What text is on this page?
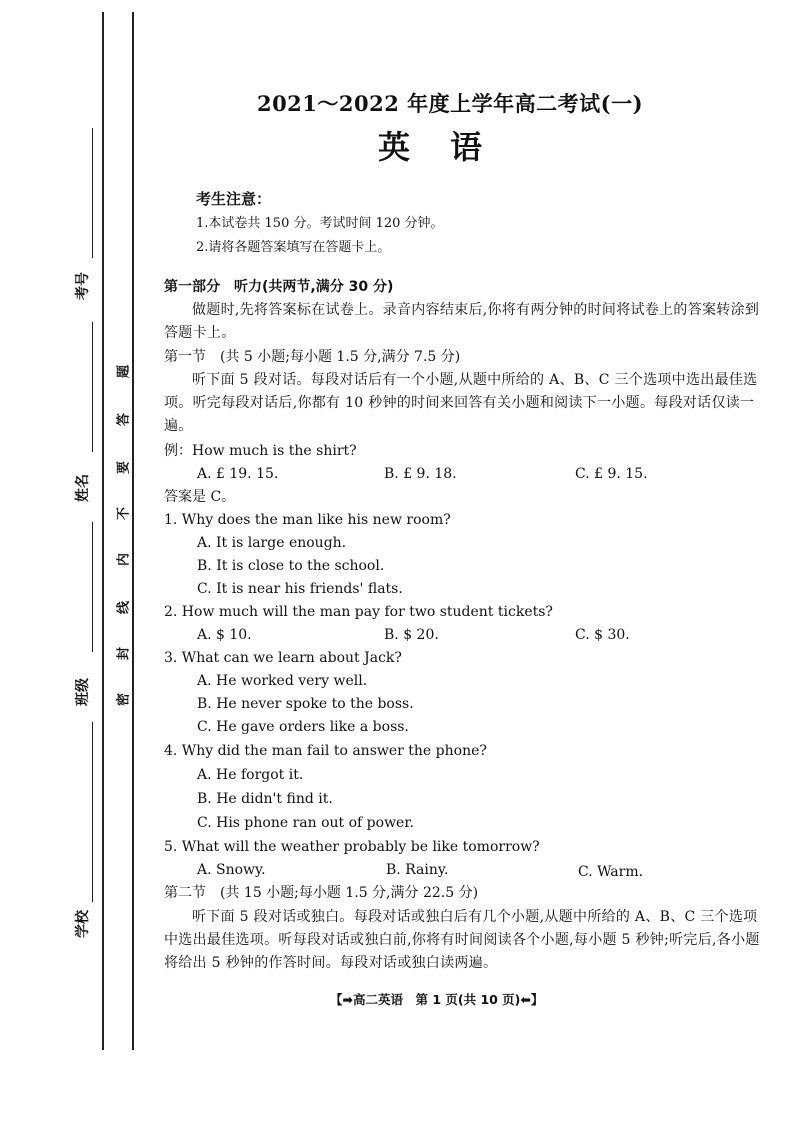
考号
姓名
班级
学校
题
答
要
不
内
线
封
密
2021～2022 年度上学年高二考试(一)
英语
考生注意：
1.本试卷共 150 分。考试时间 120 分钟。
2.请将各题答案填写在答题卡上。
第一部分　听力(共两节,满分 30 分)
做题时,先将答案标在试卷上。录音内容结束后,你将有两分钟的时间将试卷上的答案转涂到答题卡上。
第一节　(共 5 小题;每小题 1.5 分,满分 7.5 分)
听下面 5 段对话。每段对话后有一个小题,从题中所给的 A、B、C 三个选项中选出最佳选项。听完每段对话后,你都有 10 秒钟的时间来回答有关小题和阅读下一小题。每段对话仅读一遍。
例：How much is the shirt?
A. £ 19. 15.	B. £ 9. 18.	C. £ 9. 15.
答案是 C。
1. Why does the man like his new room?
A. It is large enough.
B. It is close to the school.
C. It is near his friends' flats.
2. How much will the man pay for two student tickets?
A. $ 10.	B. $ 20.	C. $ 30.
3. What can we learn about Jack?
A. He worked very well.
B. He never spoke to the boss.
C. He gave orders like a boss.
4. Why did the man fail to answer the phone?
A. He forgot it.
B. He didn't find it.
C. His phone ran out of power.
5. What will the weather probably be like tomorrow?
A. Snowy.	B. Rainy.	C. Warm.
第二节　(共 15 小题;每小题 1.5 分,满分 22.5 分)
听下面 5 段对话或独白。每段对话或独白后有几个小题,从题中所给的 A、B、C 三个选项中选出最佳选项。听每段对话或独白前,你将有时间阅读各个小题,每小题 5 秒钟;听完后,各小题将给出 5 秒钟的作答时间。每段对话或独白读两遍。
【➡高二英语　第 1 页(共 10 页)⬅】
